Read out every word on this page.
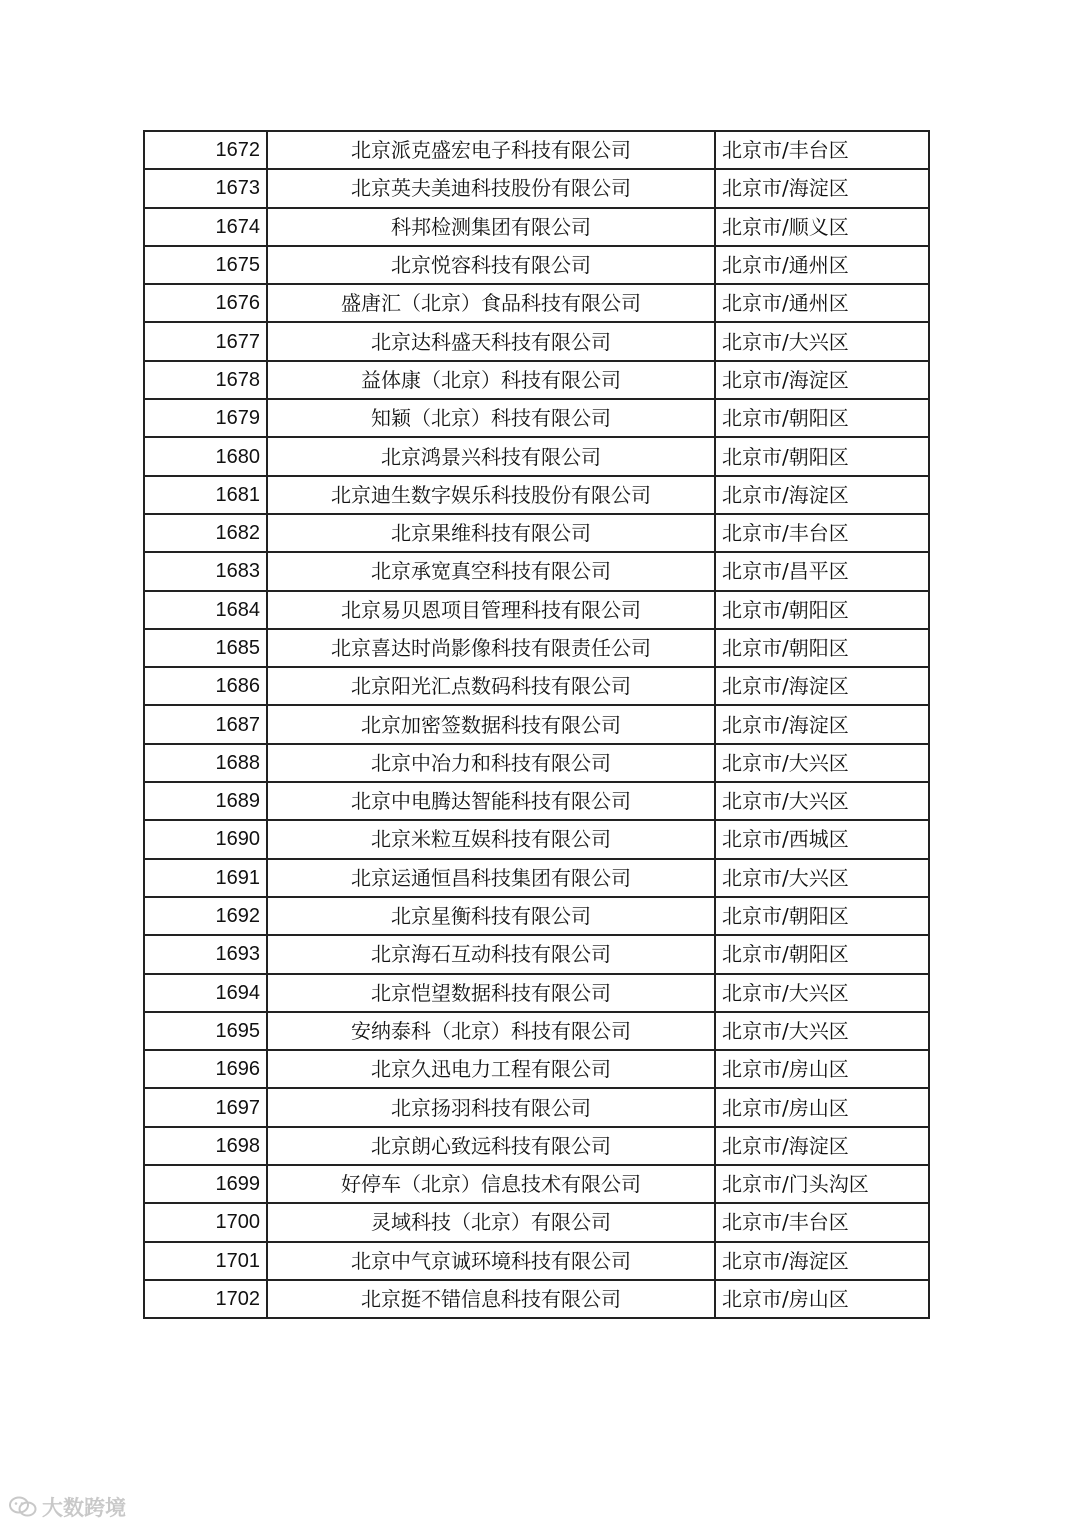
1672	北京派克盛宏电子科技有限公司	北京市/丰台区
1673	北京英夫美迪科技股份有限公司	北京市/海淀区
1674	科邦检测集团有限公司	北京市/顺义区
1675	北京悦容科技有限公司	北京市/通州区
1676	盛唐汇（北京）食品科技有限公司	北京市/通州区
1677	北京达科盛天科技有限公司	北京市/大兴区
1678	益体康（北京）科技有限公司	北京市/海淀区
1679	知颖（北京）科技有限公司	北京市/朝阳区
1680	北京鸿景兴科技有限公司	北京市/朝阳区
1681	北京迪生数字娱乐科技股份有限公司	北京市/海淀区
1682	北京果维科技有限公司	北京市/丰台区
1683	北京承宽真空科技有限公司	北京市/昌平区
1684	北京易贝恩项目管理科技有限公司	北京市/朝阳区
1685	北京喜达时尚影像科技有限责任公司	北京市/朝阳区
1686	北京阳光汇点数码科技有限公司	北京市/海淀区
1687	北京加密签数据科技有限公司	北京市/海淀区
1688	北京中冶力和科技有限公司	北京市/大兴区
1689	北京中电腾达智能科技有限公司	北京市/大兴区
1690	北京米粒互娱科技有限公司	北京市/西城区
1691	北京运通恒昌科技集团有限公司	北京市/大兴区
1692	北京星衡科技有限公司	北京市/朝阳区
1693	北京海石互动科技有限公司	北京市/朝阳区
1694	北京恺望数据科技有限公司	北京市/大兴区
1695	安纳泰科（北京）科技有限公司	北京市/大兴区
1696	北京久迅电力工程有限公司	北京市/房山区
1697	北京扬羽科技有限公司	北京市/房山区
1698	北京朗心致远科技有限公司	北京市/海淀区
1699	好停车（北京）信息技术有限公司	北京市/门头沟区
1700	灵域科技（北京）有限公司	北京市/丰台区
1701	北京中气京诚环境科技有限公司	北京市/海淀区
1702	北京挺不错信息科技有限公司	北京市/房山区
大数跨境
